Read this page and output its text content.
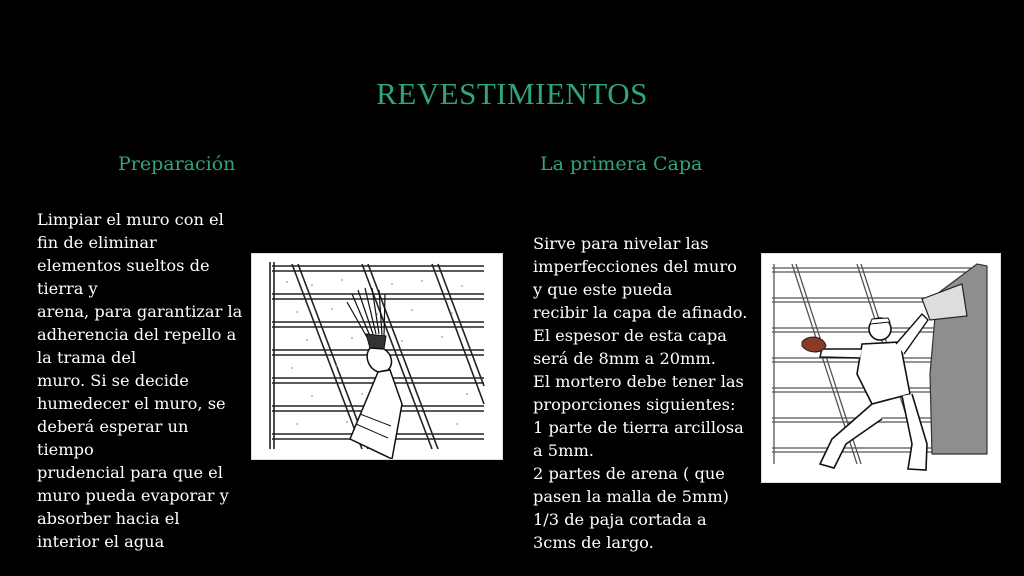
REVESTIMIENTOS
Preparación	La primera Capa
Limpiar el muro con el
fin de eliminar
elementos sueltos de
tierra y
arena, para garantizar la
adherencia del repello a
la trama del
muro. Si se decide
humedecer el muro, se
deberá esperar un
tiempo
prudencial para que el
muro pueda evaporar y
absorber hacia el
interior el agua
Sirve para nivelar las
imperfecciones del muro
y que este pueda
recibir la capa de afinado.
El espesor de esta capa
será de 8mm a 20mm.
El mortero debe tener las
proporciones siguientes:
1 parte de tierra arcillosa
a 5mm.
2 partes de arena ( que
pasen la malla de 5mm)
1/3 de paja cortada a
3cms de largo.
